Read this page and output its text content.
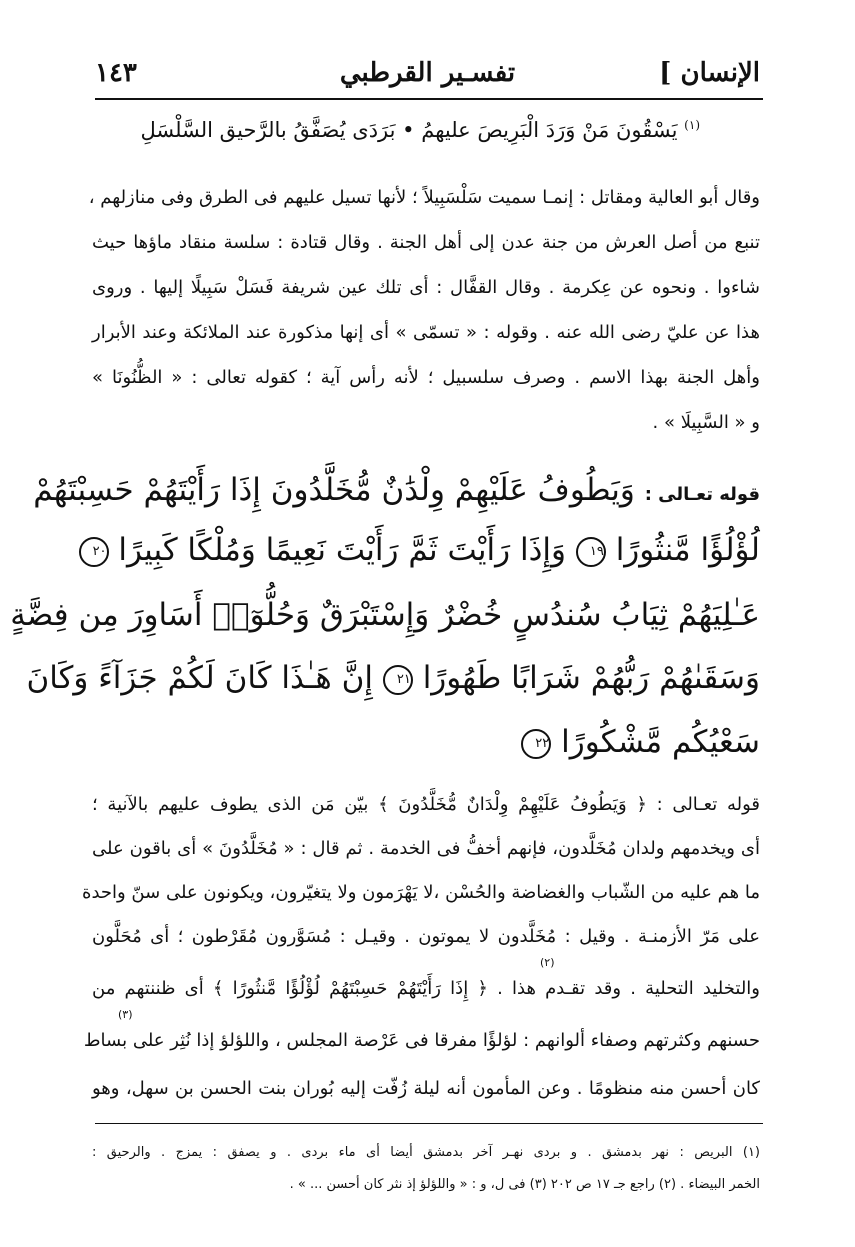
الإنسان ]
تفسـير القرطبي
١٤٣
$^{(١)}$ يَسْقُونَ مَنْ وَرَدَ الْبَرِيصَ عليهمُ • بَرَدَى يُصَفَّقُ بالرَّحيق السَّلْسَلِ
وقال أبو العالية ومقاتل : إنمـا سميت سَلْسَبِيلاً ؛ لأنها تسيل عليهم فى الطرق وفى منازلهم ،
تنبع من أصل العرش من جنة عدن إلى أهل الجنة . وقال قتادة : سلسة منقاد ماؤها حيث
شاءوا . ونحوه عن عِكرمة . وقال القفَّال : أى تلك عين شريفة فَسَلْ سَبِيلًا إليها . وروى
هذا عن عليّ رضى الله عنه . وقوله : « تسمّى » أى إنها مذكورة عند الملائكة وعند الأبرار
وأهل الجنة بهذا الاسم . وصرف سلسبيل ؛ لأنه رأس آية ؛ كقوله تعالى : « الظُّنُونَا »
و « السَّبِيلَا » .
قوله تعـالى : وَيَطُوفُ عَلَيْهِمْ وِلْدَٰنٌ مُّخَلَّدُونَ إِذَا رَأَيْتَهُمْ حَسِبْتَهُمْ
لُؤْلُؤًا مَّنثُورًا ١٩ وَإِذَا رَأَيْتَ ثَمَّ رَأَيْتَ نَعِيمًا وَمُلْكًا كَبِيرًا ٢٠
عَـٰلِيَهُمْ ثِيَابُ سُندُسٍ خُضْرٌ وَإِسْتَبْرَقٌ وَحُلُّوٓا۟ أَسَاوِرَ مِن فِضَّةٍ
وَسَقَىٰهُمْ رَبُّهُمْ شَرَابًا طَهُورًا ٢١ إِنَّ هَـٰذَا كَانَ لَكُمْ جَزَآءً وَكَانَ
سَعْيُكُم مَّشْكُورًا ٢٢
قوله تعـالى : ﴿ وَيَطُوفُ عَلَيْهِمْ وِلْدَانٌ مُّخَلَّدُونَ ﴾ بيّن مَن الذى يطوف عليهم بالآنية ؛
أى ويخدمهم ولدان مُخَلَّدون، فإنهم أخفُّ فى الخدمة . ثم قال : « مُخَلَّدُونَ » أى باقون على
ما هم عليه من الشّباب والغضاضة والحُسْن ،لا يَهْرَمون ولا يتغيّرون، ويكونون على سنّ واحدة
على مَرّ الأزمنـة . وقيل : مُخَلَّدون لا يموتون . وقيـل : مُسَوَّرون مُقَرْطون ؛ أى مُحَلَّون
(٢)
والتخليد التحلية . وقد تقـدم هذا . ﴿ إِذَا رَأَيْتَهُمْ حَسِبْتَهُمْ لُؤْلُؤًا مَّنثُورًا ﴾ أى ظننتهم من
(٣)
حسنهم وكثرتهم وصفاء ألوانهم : لؤلؤًا مفرقا فى عَرْصة المجلس ، واللؤلؤ إذا نُثِر على بساط
كان أحسن منه منظومًا . وعن المأمون أنه ليلة زُفّت إليه بُوران بنت الحسن بن سهل، وهو
(١) البريص : نهر بدمشق . و بردى نهـر آخر بدمشق أيضا أى ماء بردى . و يصفق : يمزج . والرحيق :
الخمر البيضاء . (٢) راجع جـ ١٧ ص ٢٠٢ (٣) فى ل، و : « واللؤلؤ إذ نثر كان أحسن ... » .
